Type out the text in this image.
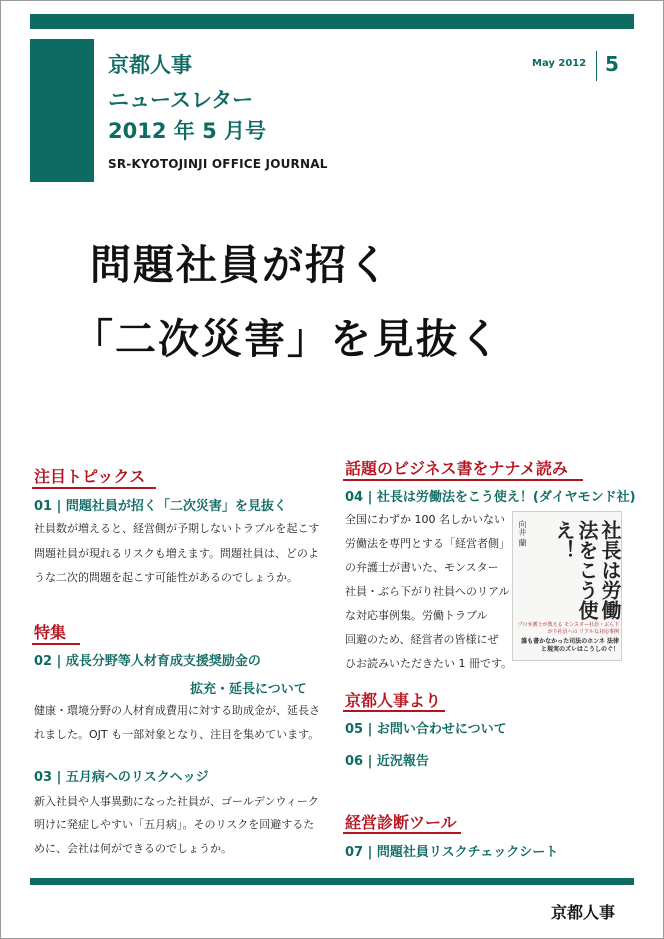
京都人事
ニュースレター
2012 年 5 月号
SR-KYOTOJINJI OFFICE JOURNAL
May 2012 5
問題社員が招く
「二次災害」を見抜く
注目トピックス
01 | 問題社員が招く「二次災害」を見抜く
社員数が増えると、経営側が予期しないトラブルを起こす
問題社員が現れるリスクも増えます。問題社員は、どのよ
うな二次的問題を起こす可能性があるのでしょうか。
特集
02 | 成長分野等人材育成支援奨励金の
拡充・延長について
健康・環境分野の人材育成費用に対する助成金が、延長さ
れました。OJT も一部対象となり、注目を集めています。
03 | 五月病へのリスクヘッジ
新入社員や人事異動になった社員が、ゴールデンウィーク
明けに発症しやすい「五月病」。そのリスクを回避するた
めに、会社は何ができるのでしょうか。
話題のビジネス書をナナメ読み
04 | 社長は労働法をこう使え！(ダイヤモンド社)
全国にわずか 100 名しかいない
労働法を専門とする「経営者側」
の弁護士が書いた、モンスター
社員・ぶら下がり社員へのリアル
な対応事例集。労働トラブル
回避のため、経営者の皆様にぜ
ひお読みいただきたい 1 冊です。
社長は労働法をこう使え！
向井 蘭
プロ弁護士が教える モンスター社員・ぶら下がり社員への リアルな対応事例
誰も書かなかった司法のホンネ 法律と現実のズレはこうしのぐ！
京都人事より
05 | お問い合わせについて
06 | 近況報告
経営診断ツール
07 | 問題社員リスクチェックシート
京都人事
